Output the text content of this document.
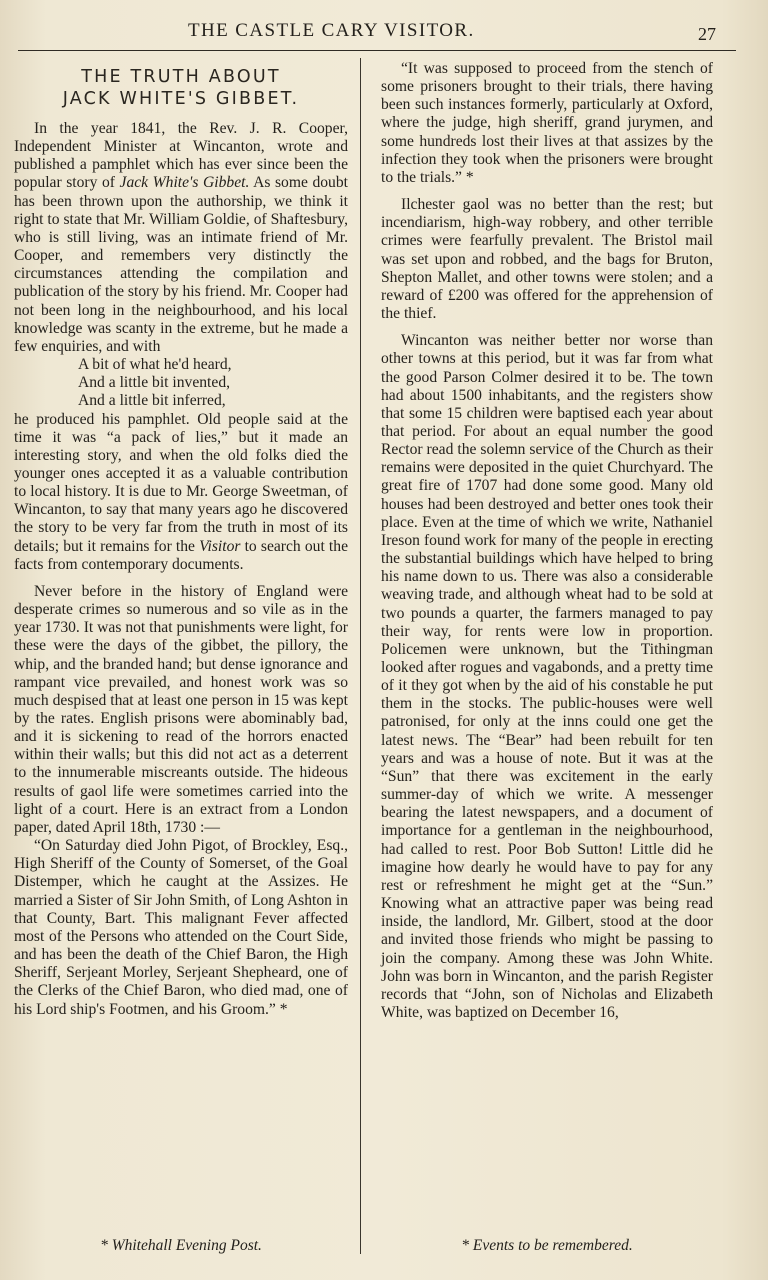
THE CASTLE CARY VISITOR.	27
THE TRUTH ABOUT
JACK WHITE'S GIBBET.

In the year 1841, the Rev. J. R. Cooper, Independent Minister at Wincanton, wrote and published a pamphlet which has ever since been the popular story of Jack White's Gibbet. As some doubt has been thrown upon the authorship, we think it right to state that Mr. William Goldie, of Shaftesbury, who is still living, was an intimate friend of Mr. Cooper, and remembers very distinctly the circumstances attending the compilation and publication of the story by his friend. Mr. Cooper had not been long in the neighbourhood, and his local knowledge was scanty in the extreme, but he made a few enquiries, and with

A bit of what he'd heard,
And a little bit invented,
And a little bit inferred,

he produced his pamphlet. Old people said at the time it was “a pack of lies,” but it made an interesting story, and when the old folks died the younger ones accepted it as a valuable contribution to local history. It is due to Mr. George Sweetman, of Wincanton, to say that many years ago he discovered the story to be very far from the truth in most of its details; but it remains for the Visitor to search out the facts from contemporary documents.

Never before in the history of England were desperate crimes so numerous and so vile as in the year 1730. It was not that punishments were light, for these were the days of the gibbet, the pillory, the whip, and the branded hand; but dense ignorance and rampant vice prevailed, and honest work was so much despised that at least one person in 15 was kept by the rates. English prisons were abominably bad, and it is sickening to read of the horrors enacted within their walls; but this did not act as a deterrent to the innumerable miscreants outside. The hideous results of gaol life were sometimes carried into the light of a court. Here is an extract from a London paper, dated April 18th, 1730 :—

“On Saturday died John Pigot, of Brockley, Esq., High Sheriff of the County of Somerset, of the Goal Distemper, which he caught at the Assizes. He married a Sister of Sir John Smith, of Long Ashton in that County, Bart. This malignant Fever affected most of the Persons who attended on the Court Side, and has been the death of the Chief Baron, the High Sheriff, Serjeant Morley, Serjeant Shepheard, one of the Clerks of the Chief Baron, who died mad, one of his Lord ship's Footmen, and his Groom.” *

“It was supposed to proceed from the stench of some prisoners brought to their trials, there having been such instances formerly, particularly at Oxford, where the judge, high sheriff, grand jurymen, and some hundreds lost their lives at that assizes by the infection they took when the prisoners were brought to the trials.” *

Ilchester gaol was no better than the rest; but incendiarism, high-way robbery, and other terrible crimes were fearfully prevalent. The Bristol mail was set upon and robbed, and the bags for Bruton, Shepton Mallet, and other towns were stolen; and a reward of £200 was offered for the apprehension of the thief.

Wincanton was neither better nor worse than other towns at this period, but it was far from what the good Parson Colmer desired it to be. The town had about 1500 inhabitants, and the registers show that some 15 children were baptised each year about that period. For about an equal number the good Rector read the solemn service of the Church as their remains were deposited in the quiet Churchyard. The great fire of 1707 had done some good. Many old houses had been destroyed and better ones took their place. Even at the time of which we write, Nathaniel Ireson found work for many of the people in erecting the substantial buildings which have helped to bring his name down to us. There was also a considerable weaving trade, and although wheat had to be sold at two pounds a quarter, the farmers managed to pay their way, for rents were low in proportion. Policemen were unknown, but the Tithingman looked after rogues and vagabonds, and a pretty time of it they got when by the aid of his constable he put them in the stocks. The public-houses were well patronised, for only at the inns could one get the latest news. The “Bear” had been rebuilt for ten years and was a house of note. But it was at the “Sun” that there was excitement in the early summer-day of which we write. A messenger bearing the latest newspapers, and a document of importance for a gentleman in the neighbourhood, had called to rest. Poor Bob Sutton! Little did he imagine how dearly he would have to pay for any rest or refreshment he might get at the “Sun.” Knowing what an attractive paper was being read inside, the landlord, Mr. Gilbert, stood at the door and invited those friends who might be passing to join the company. Among these was John White. John was born in Wincanton, and the parish Register records that “John, son of Nicholas and Elizabeth White, was baptized on December 16,

* Whitehall Evening Post.	* Events to be remembered.
